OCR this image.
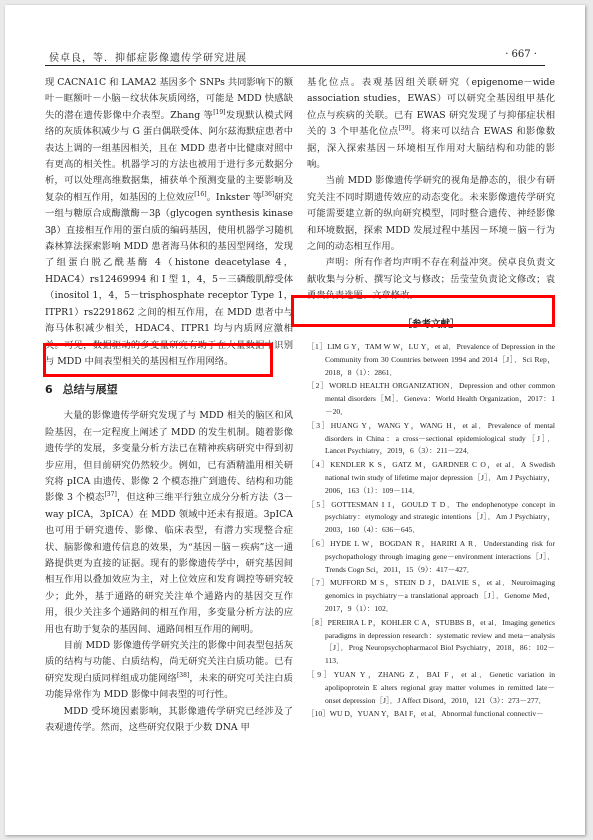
侯卓良，等．抑郁症影像遗传学研究进展	· 667 ·

现 CACNA1C 和 LAMA2 基因多个 SNPs 共同影响下的额叶－眶额叶－小脑－纹状体灰质网络，可能是 MDD 快感缺失的潜在遗传影像中介表型。Zhang 等[19]发现默认模式网络的灰质体积减少与 G 蛋白偶联受体、阿尔兹海默症患者中表达上调的一组基因相关，且在 MDD 患者中比健康对照中有更高的相关性。机器学习的方法也被用于进行多元数据分析，可以处理高维数据集，捕获单个预测变量的主要影响及复杂的相互作用，如基因的上位效应[16]。Inkster 等[36]研究一组与糖原合成酶激酶－3β（glycogen synthesis kinase 3β）直接相互作用的蛋白质的编码基因，使用机器学习随机森林算法探索影响 MDD 患者海马体积的基因型网络，发现了组蛋白脱乙酰基酶 4（histone deacetylase 4，HDAC4）rs12469994 和 Ⅰ 型 1，4，5－三磷酸肌醇受体（inositol 1，4，5－trisphosphate receptor Type 1，ITPR1）rs2291862 之间的相互作用，在 MDD 患者中与海马体积减少相关，HDAC4、ITPR1 均与内质网应激相关。可见，数据驱动的多变量研究有助于在大量数据中识别与 MDD 中间表型相关的基因相互作用网络。

6 总结与展望

大量的影像遗传学研究发现了与 MDD 相关的脑区和风险基因，在一定程度上阐述了 MDD 的发生机制。随着影像遗传学的发展，多变量分析方法已在精神疾病研究中得到初步应用，但目前研究仍然较少。例如，已有酒精滥用相关研究将 pICA 由遗传、影像 2 个模态推广到遗传、结构和功能影像 3 个模态[37]，但这种三维平行独立成分分析方法（3－way pICA，3pICA）在 MDD 领域中还未有报道。3pICA 也可用于研究遗传、影像、临床表型，有潜力实现整合症状、脑影像和遗传信息的效果，为“基因－脑－疾病”这一通路提供更为直接的证据。现有的影像遗传学中，研究基因间相互作用以叠加效应为主，对上位效应和发育调控等研究较少；此外，基于通路的研究关注单个通路内的基因交互作用，很少关注多个通路间的相互作用，多变量分析方法的应用也有助于复杂的基因间、通路间相互作用的阐明。

目前 MDD 影像遗传学研究关注的影像中间表型包括灰质的结构与功能、白质结构，尚无研究关注白质功能。已有研究发现白质同样组成功能网络[38]，未来的研究可关注白质功能异常作为 MDD 影像中间表型的可行性。

MDD 受环境因素影响，其影像遗传学研究已经涉及了表观遗传学。然而，这些研究仅限于少数 DNA 甲

基化位点。表观基因组关联研究（epigenome－wide association studies，EWAS）可以研究全基因组甲基化位点与疾病的关联。已有 EWAS 研究发现了与抑郁症状相关的 3 个甲基化位点[39]。将来可以结合 EWAS 和影像数据，深入探索基因－环境相互作用对大脑结构和功能的影响。

当前 MDD 影像遗传学研究的视角是静态的，很少有研究关注不同时期遗传效应的动态变化。未来影像遗传学研究可能需要建立新的纵向研究模型，同时整合遗传、神经影像和环境数据，探索 MDD 发展过程中基因－环境－脑－行为之间的动态相互作用。

声明：所有作者均声明不存在利益冲突。侯卓良负责文献收集与分析、撰写论文与修改；岳莹莹负责论文修改；袁勇贵负责选题、文章修改。

［参考文献］
［1］LIM G Y，TAM W W，LU Y，et al．Prevalence of Depression in the Community from 30 Countries between 1994 and 2014［J］．Sci Rep，2018，8（1）：2861．
［2］WORLD HEALTH ORGANIZATION．Depression and other common mental disorders［M］．Geneva：World Health Organization，2017：1－20．
［3］HUANG Y，WANG Y，WANG H，et al．Prevalence of mental disorders in China：a cross－sectional epidemiological study［J］．Lancet Psychiatry，2019，6（3）：211－224．
［4］KENDLER K S，GATZ M，GARDNER C O，et al．A Swedish national twin study of lifetime major depression［J］．Am J Psychiatry，2006，163（1）：109－114．
［5］GOTTESMAN I I，GOULD T D．The endophenotype concept in psychiatry：etymology and strategic intentions［J］．Am J Psychiatry，2003，160（4）：636－645．
［6］HYDE L W，BOGDAN R，HARIRI A R．Understanding risk for psychopathology through imaging gene－environment interactions［J］．Trends Cogn Sci，2011，15（9）：417－427．
［7］MUFFORD M S，STEIN D J，DALVIE S，et al．Neuroimaging genomics in psychiatry－a translational approach［J］．Genome Med，2017，9（1）：102．
［8］PEREIRA L P，KOHLER C A，STUBBS B，et al．Imaging genetics paradigms in depression research：systematic review and meta－analysis［J］．Prog Neuropsychopharmacol Biol Psychiatry，2018，86：102－113．
［9］YUAN Y，ZHANG Z，BAI F，et al．Genetic variation in apolipoprotein E alters regional gray matter volumes in remitted late－onset depression［J］．J Affect Disord，2010，121（3）：273－277．
［10］WU D，YUAN Y，BAI F，et al．Abnormal functional connectiv－
